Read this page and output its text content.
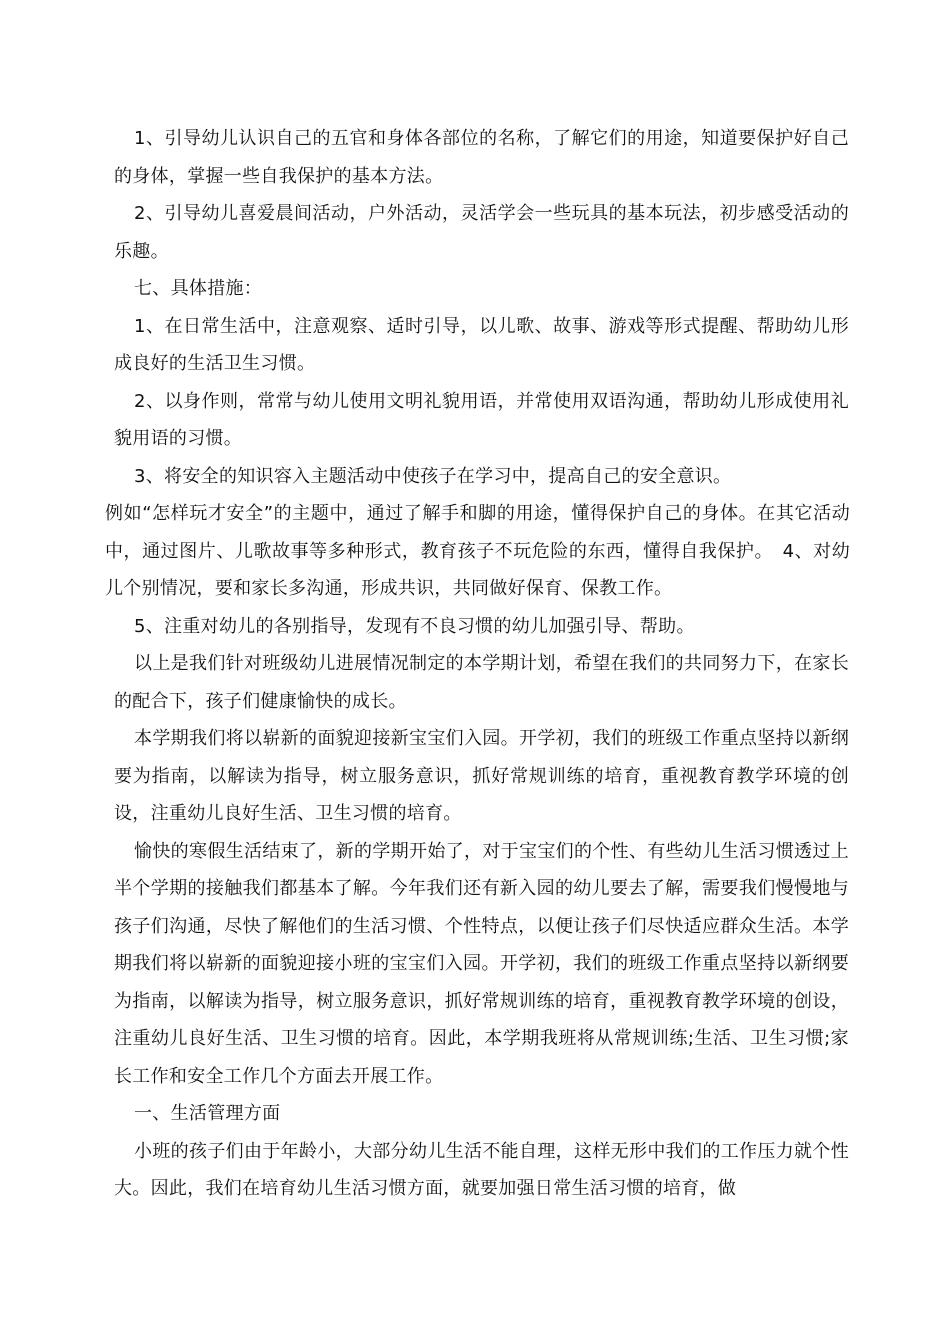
1、引导幼儿认识自己的五官和身体各部位的名称，了解它们的用途，知道要保护好自己的身体，掌握一些自我保护的基本方法。

2、引导幼儿喜爱晨间活动，户外活动，灵活学会一些玩具的基本玩法，初步感受活动的乐趣。

七、具体措施：

1、在日常生活中，注意观察、适时引导，以儿歌、故事、游戏等形式提醒、帮助幼儿形成良好的生活卫生习惯。

2、以身作则，常常与幼儿使用文明礼貌用语，并常使用双语沟通，帮助幼儿形成使用礼貌用语的习惯。

3、将安全的知识容入主题活动中使孩子在学习中，提高自己的安全意识。

例如“怎样玩才安全”的主题中，通过了解手和脚的用途，懂得保护自己的身体。在其它活动中，通过图片、儿歌故事等多种形式，教育孩子不玩危险的东西，懂得自我保护。　4、对幼儿个别情况，要和家长多沟通，形成共识，共同做好保育、保教工作。

5、注重对幼儿的各别指导，发现有不良习惯的幼儿加强引导、帮助。

以上是我们针对班级幼儿进展情况制定的本学期计划，希望在我们的共同努力下，在家长的配合下，孩子们健康愉快的成长。

本学期我们将以崭新的面貌迎接新宝宝们入园。开学初，我们的班级工作重点坚持以新纲要为指南，以解读为指导，树立服务意识，抓好常规训练的培育，重视教育教学环境的创设，注重幼儿良好生活、卫生习惯的培育。

愉快的寒假生活结束了，新的学期开始了，对于宝宝们的个性、有些幼儿生活习惯透过上半个学期的接触我们都基本了解。今年我们还有新入园的幼儿要去了解，需要我们慢慢地与孩子们沟通，尽快了解他们的生活习惯、个性特点，以便让孩子们尽快适应群众生活。本学期我们将以崭新的面貌迎接小班的宝宝们入园。开学初，我们的班级工作重点坚持以新纲要为指南，以解读为指导，树立服务意识，抓好常规训练的培育，重视教育教学环境的创设，注重幼儿良好生活、卫生习惯的培育。因此，本学期我班将从常规训练;生活、卫生习惯;家长工作和安全工作几个方面去开展工作。

一、生活管理方面

小班的孩子们由于年龄小，大部分幼儿生活不能自理，这样无形中我们的工作压力就个性大。因此，我们在培育幼儿生活习惯方面，就要加强日常生活习惯的培育，做
